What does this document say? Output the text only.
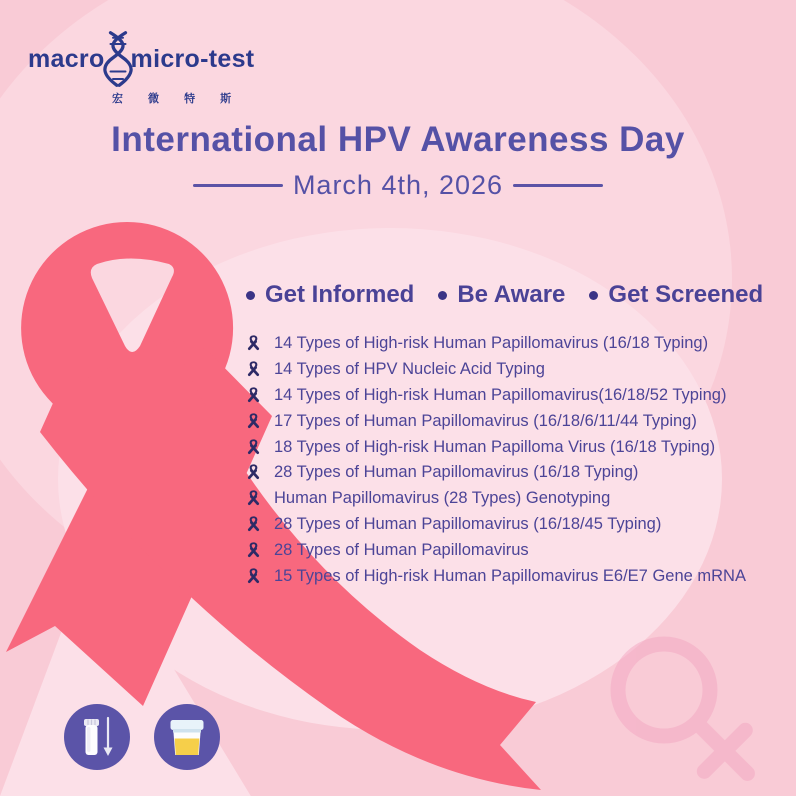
macro micro-test
宏 微 特 斯
International HPV Awareness Day
March 4th, 2026
Get Informed Be Aware Get Screened
14 Types of High-risk Human Papillomavirus (16/18 Typing)
14 Types of HPV Nucleic Acid Typing
14 Types of High-risk Human Papillomavirus(16/18/52 Typing)
17 Types of Human Papillomavirus (16/18/6/11/44 Typing)
18 Types of High-risk Human Papilloma Virus (16/18 Typing)
28 Types of Human Papillomavirus (16/18 Typing)
Human Papillomavirus (28 Types) Genotyping
28 Types of Human Papillomavirus (16/18/45 Typing)
28 Types of Human Papillomavirus
15 Types of High-risk Human Papillomavirus E6/E7 Gene mRNA
